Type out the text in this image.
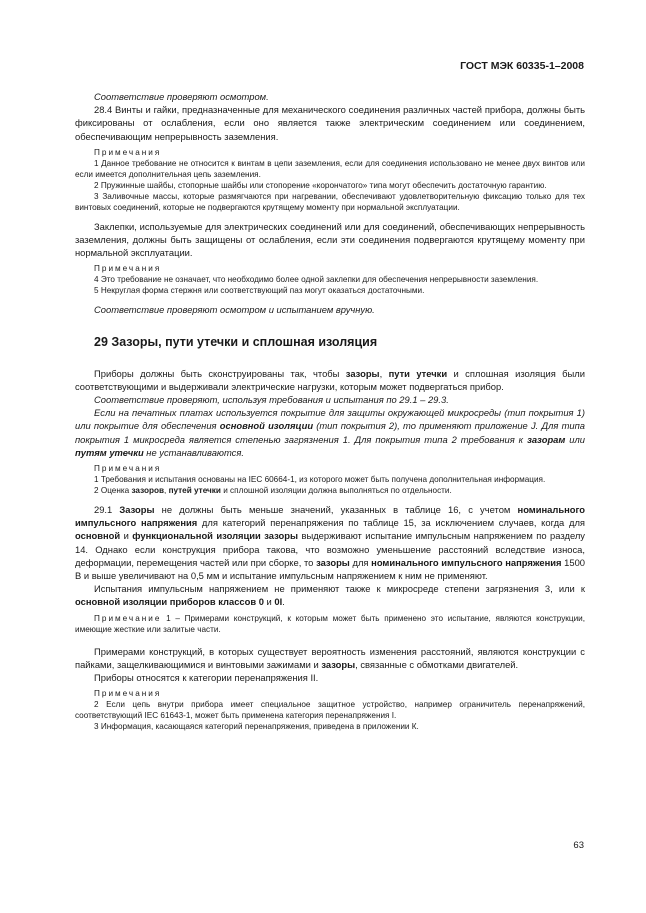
ГОСТ МЭК 60335-1–2008

Соответствие проверяют осмотром.

28.4 Винты и гайки, предназначенные для механического соединения различных частей прибора, должны быть фиксированы от ослабления, если оно является также электрическим соединением или соединением, обеспечивающим непрерывность заземления.

Примечания

1 Данное требование не относится к винтам в цепи заземления, если для соединения использовано не менее двух винтов или если имеется дополнительная цепь заземления.

2 Пружинные шайбы, стопорные шайбы или стопорение «корончатого» типа могут обеспечить достаточную гарантию.

3 Заливочные массы, которые размягчаются при нагревании, обеспечивают удовлетворительную фиксацию только для тех винтовых соединений, которые не подвергаются крутящему моменту при нормальной эксплуатации.

Заклепки, используемые для электрических соединений или для соединений, обеспечивающих непрерывность заземления, должны быть защищены от ослабления, если эти соединения подвергаются крутящему моменту при нормальной эксплуатации.

Примечания

4 Это требование не означает, что необходимо более одной заклепки для обеспечения непрерывности заземления.

5 Некруглая форма стержня или соответствующий паз могут оказаться достаточными.

Соответствие проверяют осмотром и испытанием вручную.

29 Зазоры, пути утечки и сплошная изоляция

Приборы должны быть сконструированы так, чтобы зазоры, пути утечки и сплошная изоляция были соответствующими и выдерживали электрические нагрузки, которым может подвергаться прибор.

Соответствие проверяют, используя требования и испытания по 29.1 – 29.3.

Если на печатных платах используется покрытие для защиты окружающей микросреды (тип покрытия 1) или покрытие для обеспечения основной изоляции (тип покрытия 2), то применяют приложение J. Для типа покрытия 1 микросреда является степенью загрязнения 1. Для покрытия типа 2 требования к зазорам или путям утечки не устанавливаются.

Примечания

1 Требования и испытания основаны на IEC 60664-1, из которого может быть получена дополнительная информация.

2 Оценка зазоров, путей утечки и сплошной изоляции должна выполняться по отдельности.

29.1 Зазоры не должны быть меньше значений, указанных в таблице 16, с учетом номинального импульсного напряжения для категорий перенапряжения по таблице 15, за исключением случаев, когда для основной и функциональной изоляции зазоры выдерживают испытание импульсным напряжением по разделу 14. Однако если конструкция прибора такова, что возможно уменьшение расстояний вследствие износа, деформации, перемещения частей или при сборке, то зазоры для номинального импульсного напряжения 1500 В и выше увеличивают на 0,5 мм и испытание импульсным напряжением к ним не применяют.

Испытания импульсным напряжением не применяют также к микросреде степени загрязнения 3, или к основной изоляции приборов классов 0 и 0I.

Примечание 1 – Примерами конструкций, к которым может быть применено это испытание, являются конструкции, имеющие жесткие или залитые части.

Примерами конструкций, в которых существует вероятность изменения расстояний, являются конструкции с пайками, защелкивающимися и винтовыми зажимами и зазоры, связанные с обмотками двигателей.

Приборы относятся к категории перенапряжения II.

Примечания

2 Если цепь внутри прибора имеет специальное защитное устройство, например ограничитель перенапряжений, соответствующий IEC 61643-1, может быть применена категория перенапряжения I.

3 Информация, касающаяся категорий перенапряжения, приведена в приложении К.

63
